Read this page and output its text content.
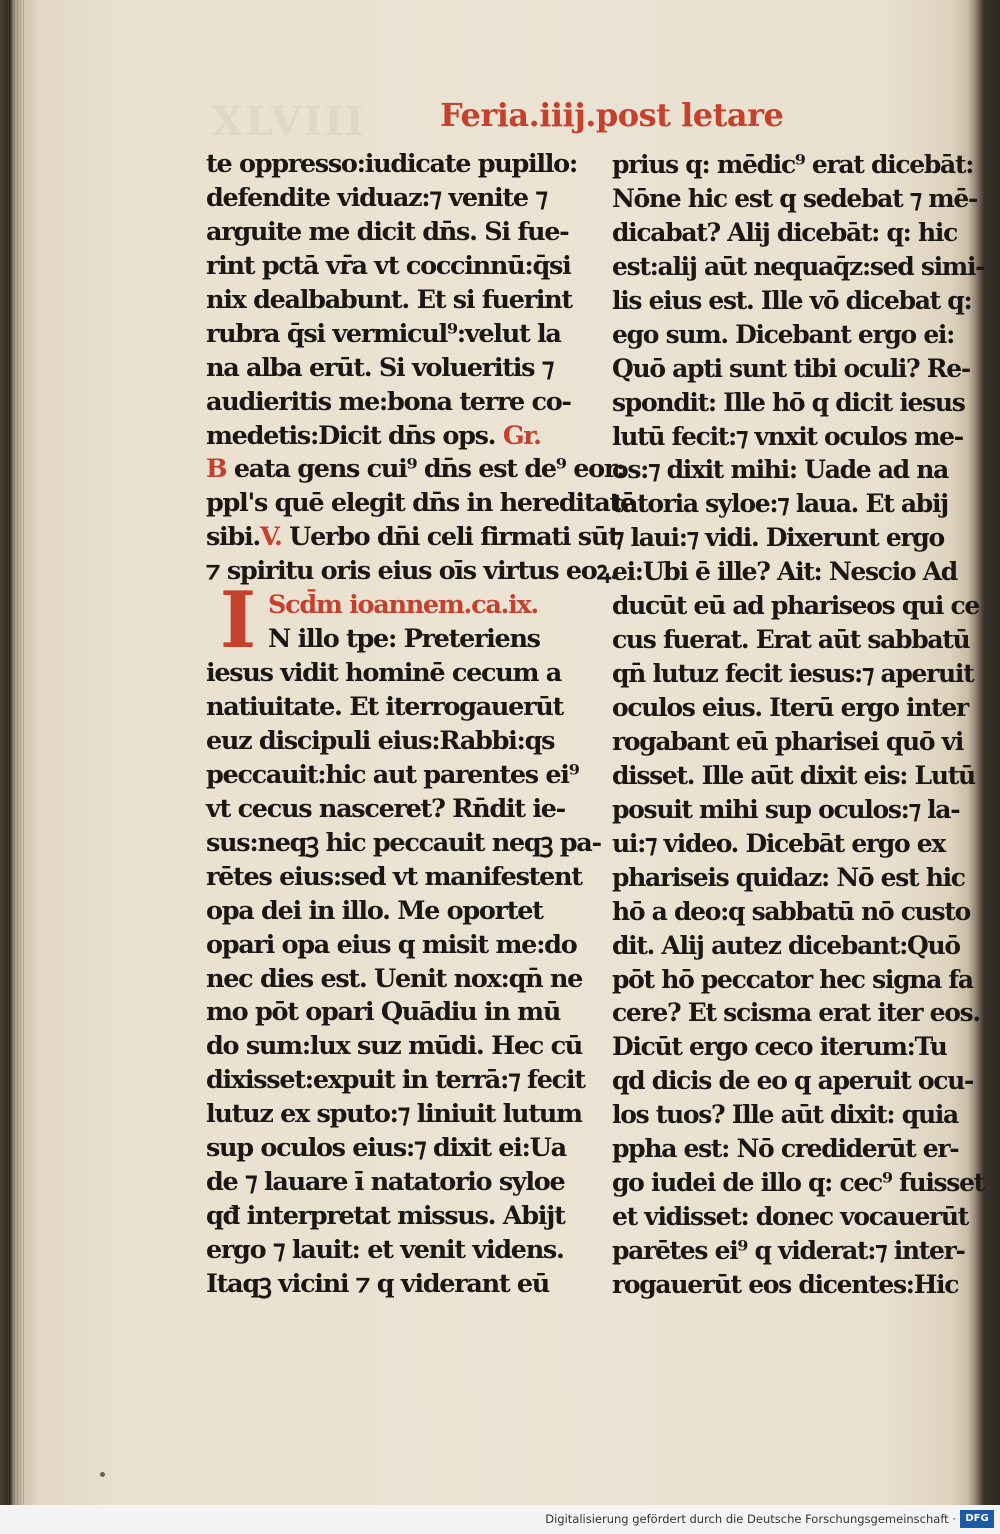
XLVIII Feria.iiij.post letare
I
te oppresso:iudicate pupillo:
defendite viduaz:⁊ venite ⁊
arguite me dicit dn̄s. Si fue-
rint pctā vr̄a vt coccinnū:q̄si
nix dealbabunt. Et si fuerint
rubra q̄si vermicul⁹:velut la
na alba erūt. Si volueritis ⁊
audieritis me:bona terre co-
medetis:Dicit dn̄s ops. Gr.
B eata gens cui⁹ dn̄s est de⁹ eor:
ppl's quē elegit dn̄s in hereditatē
sibi.V. Uerbo dn̄i celi firmati sūt
⁊ spiritu oris eius oīs virtus eoꝝ.
Scd̄m ioannem.ca.ix.
N illo tpe: Preteriens
iesus vidit hominē cecum a
natiuitate. Et iterrogauerūt
euz discipuli eius:Rabbi:qs
peccauit:hic aut parentes ei⁹
vt cecus nasceret? Rn̄dit ie-
sus:neqꝫ hic peccauit neqꝫ pa-
rētes eius:sed vt manifestent
opa dei in illo. Me oportet
opari opa eius q misit me:do
nec dies est. Uenit nox:qn̄ ne
mo pōt opari Quādiu in mū
do sum:lux suz mūdi. Hec cū
dixisset:expuit in terrā:⁊ fecit
lutuz ex sputo:⁊ liniuit lutum
sup oculos eius:⁊ dixit ei:Ua
de ⁊ lauare ī natatorio syloe
qđ interpretat missus. Abijt
ergo ⁊ lauit: et venit videns.
Itaqꝫ vicini ⁊ q viderant eū
prius q: mēdic⁹ erat dicebāt:
Nōne hic est q sedebat ⁊ mē-
dicabat? Alij dicebāt: q: hic
est:alij aūt nequaq̄z:sed simi-
lis eius est. Ille vō dicebat q:
ego sum. Dicebant ergo ei:
Quō apti sunt tibi oculi? Re-
spondit: Ille hō q dicit iesus
lutū fecit:⁊ vnxit oculos me-
os:⁊ dixit mihi: Uade ad na
tatoria syloe:⁊ laua. Et abij
⁊ laui:⁊ vidi. Dixerunt ergo
ei:Ubi ē ille? Ait: Nescio Ad
ducūt eū ad phariseos qui ce
cus fuerat. Erat aūt sabbatū
qn̄ lutuz fecit iesus:⁊ aperuit
oculos eius. Iterū ergo inter
rogabant eū pharisei quō vi
disset. Ille aūt dixit eis: Lutū
posuit mihi sup oculos:⁊ la-
ui:⁊ video. Dicebāt ergo ex
phariseis quidaz: Nō est hic
hō a deo:q sabbatū nō custo
dit. Alij autez dicebant:Quō
pōt hō peccator hec signa fa
cere? Et scisma erat iter eos.
Dicūt ergo ceco iterum:Tu
qd dicis de eo q aperuit ocu-
los tuos? Ille aūt dixit: quia
ppha est: Nō crediderūt er-
go iudei de illo q: cec⁹ fuisset
et vidisset: donec vocauerūt
parētes ei⁹ q viderat:⁊ inter-
rogauerūt eos dicentes:Hic
Digitalisierung gefördert durch die Deutsche Forschungsgemeinschaft · DFG
